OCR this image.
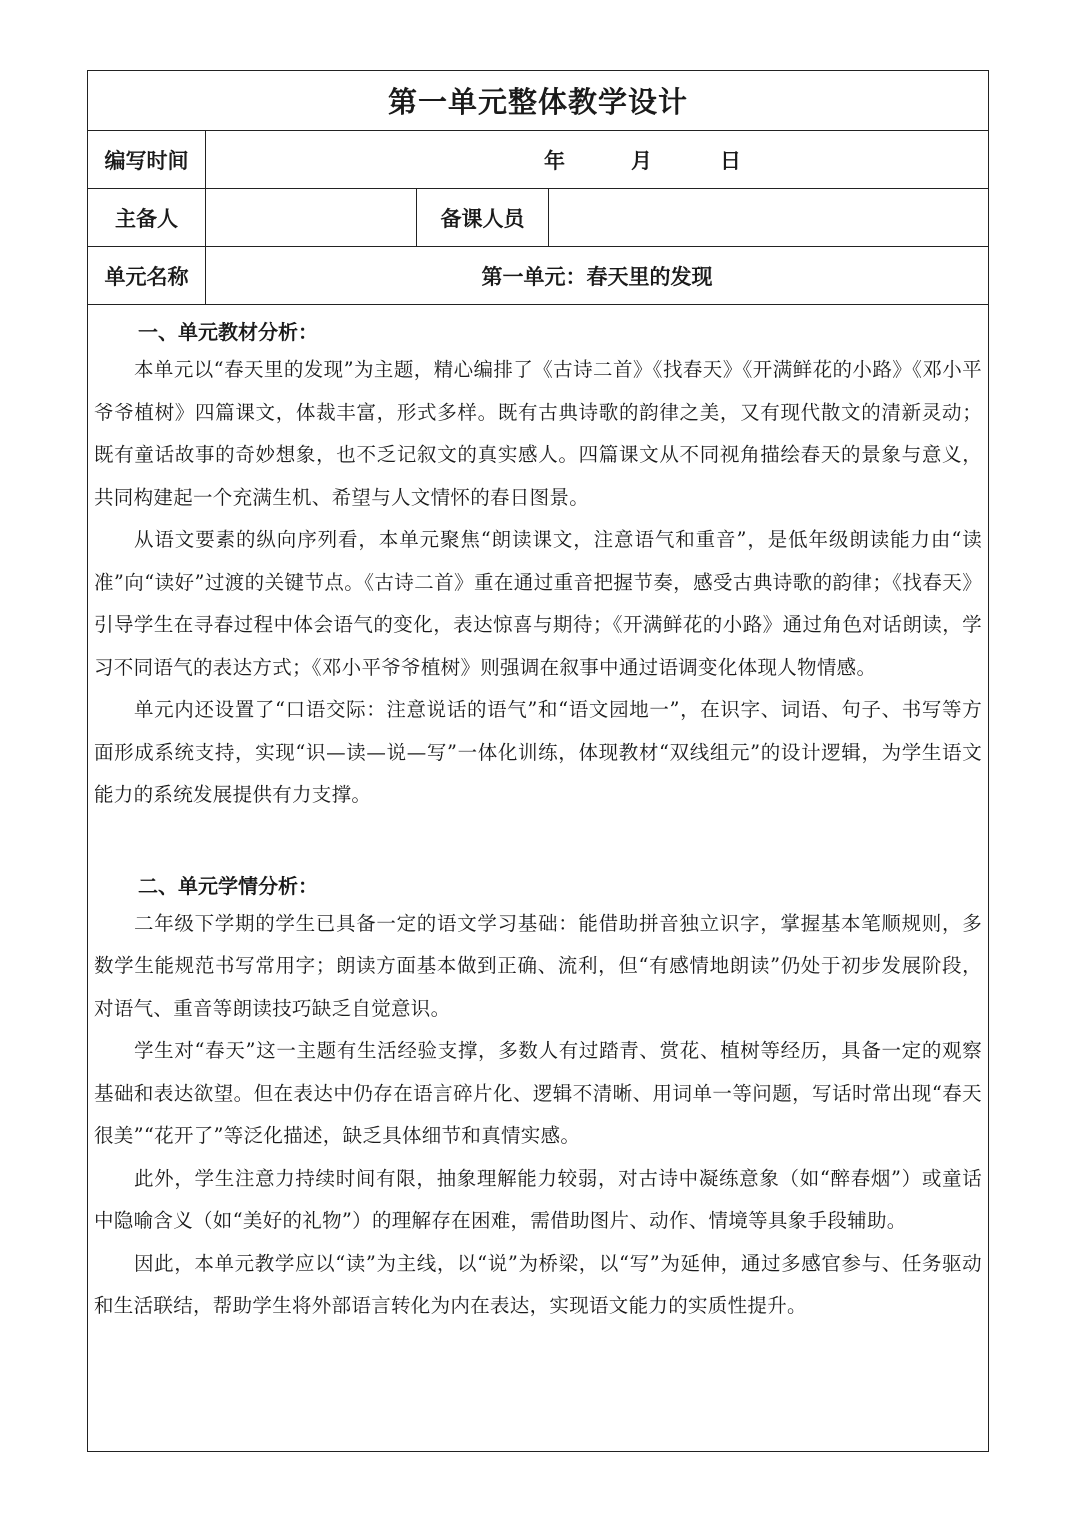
第一单元整体教学设计
编写时间	年	月	日
主备人	备课人员
单元名称	第一单元：春天里的发现

一、单元教材分析：

本单元以“春天里的发现”为主题，精心编排了《古诗二首》《找春天》《开满鲜花的小路》《邓小平爷爷植树》四篇课文，体裁丰富，形式多样。既有古典诗歌的韵律之美，又有现代散文的清新灵动；既有童话故事的奇妙想象，也不乏记叙文的真实感人。四篇课文从不同视角描绘春天的景象与意义，共同构建起一个充满生机、希望与人文情怀的春日图景。

从语文要素的纵向序列看，本单元聚焦“朗读课文，注意语气和重音”，是低年级朗读能力由“读准”向“读好”过渡的关键节点。《古诗二首》重在通过重音把握节奏，感受古典诗歌的韵律；《找春天》引导学生在寻春过程中体会语气的变化，表达惊喜与期待；《开满鲜花的小路》通过角色对话朗读，学习不同语气的表达方式；《邓小平爷爷植树》则强调在叙事中通过语调变化体现人物情感。

单元内还设置了“口语交际：注意说话的语气”和“语文园地一”，在识字、词语、句子、书写等方面形成系统支持，实现“识—读—说—写”一体化训练，体现教材“双线组元”的设计逻辑，为学生语文能力的系统发展提供有力支撑。

二、单元学情分析：

二年级下学期的学生已具备一定的语文学习基础：能借助拼音独立识字，掌握基本笔顺规则，多数学生能规范书写常用字；朗读方面基本做到正确、流利，但“有感情地朗读”仍处于初步发展阶段，对语气、重音等朗读技巧缺乏自觉意识。

学生对“春天”这一主题有生活经验支撑，多数人有过踏青、赏花、植树等经历，具备一定的观察基础和表达欲望。但在表达中仍存在语言碎片化、逻辑不清晰、用词单一等问题，写话时常出现“春天很美”“花开了”等泛化描述，缺乏具体细节和真情实感。

此外，学生注意力持续时间有限，抽象理解能力较弱，对古诗中凝练意象（如“醉春烟”）或童话中隐喻含义（如“美好的礼物”）的理解存在困难，需借助图片、动作、情境等具象手段辅助。

因此，本单元教学应以“读”为主线，以“说”为桥梁，以“写”为延伸，通过多感官参与、任务驱动和生活联结，帮助学生将外部语言转化为内在表达，实现语文能力的实质性提升。
